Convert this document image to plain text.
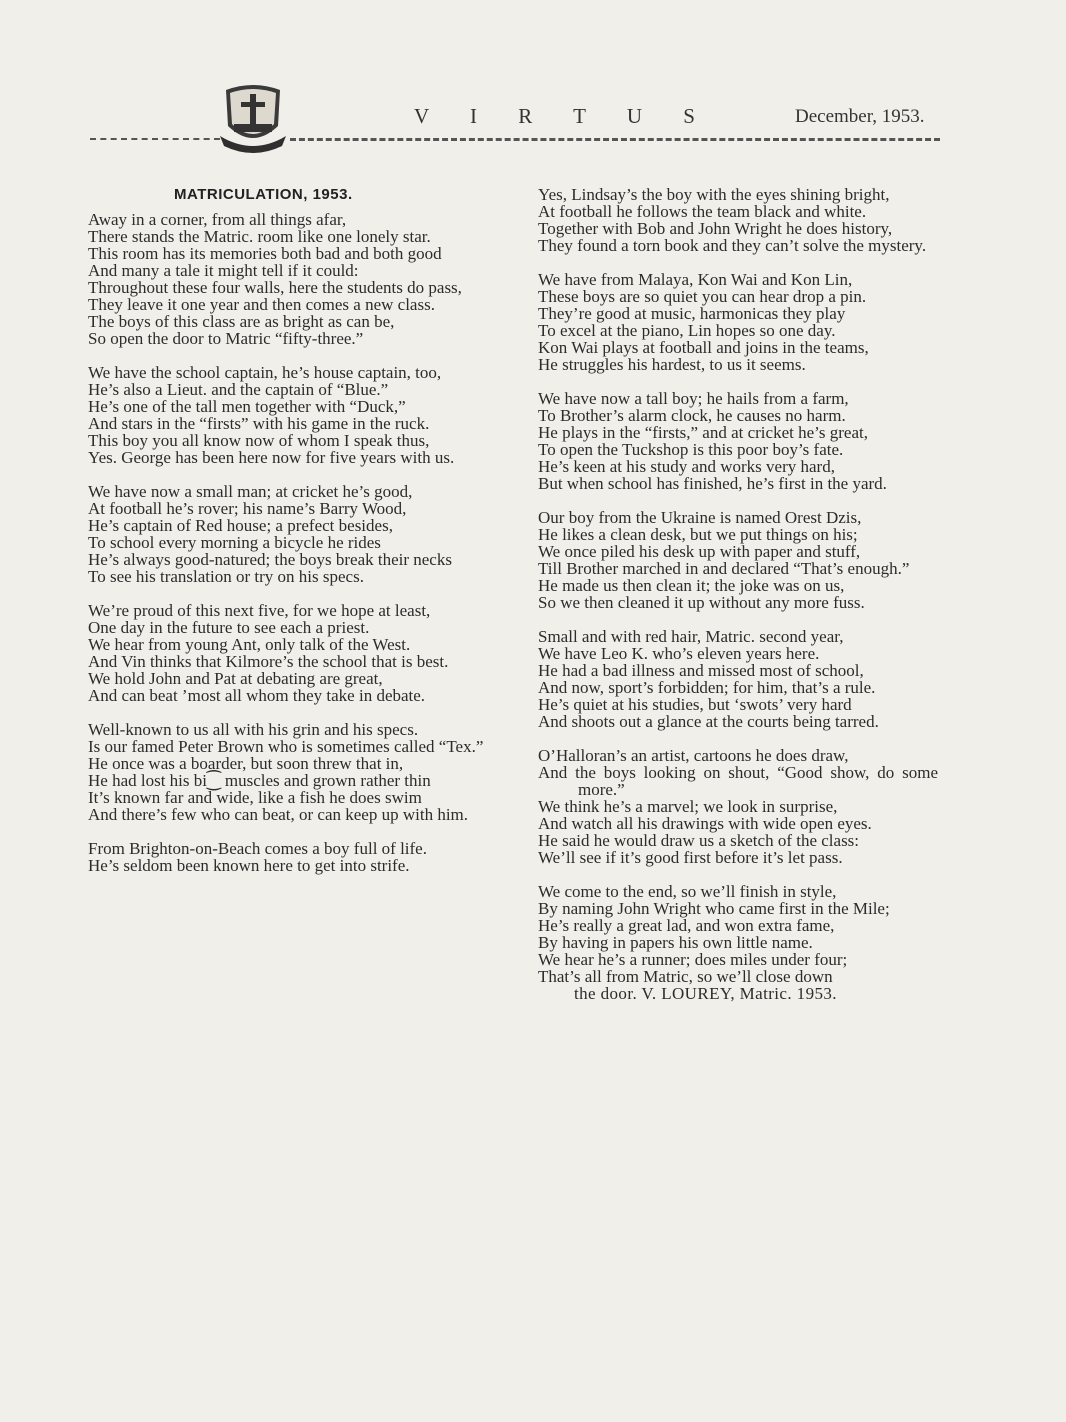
V I R T U S	December, 1953.
MATRICULATION, 1953.
Away in a corner, from all things afar,
There stands the Matric. room like one lonely star.
This room has its memories both bad and both good
And many a tale it might tell if it could:
Throughout these four walls, here the students do pass,
They leave it one year and then comes a new class.
The boys of this class are as bright as can be,
So open the door to Matric “fifty-three.”
We have the school captain, he’s house captain, too,
He’s also a Lieut. and the captain of “Blue.”
He’s one of the tall men together with “Duck,”
And stars in the “firsts” with his game in the ruck.
This boy you all know now of whom I speak thus,
Yes. George has been here now for five years with us.
We have now a small man; at cricket he’s good,
At football he’s rover; his name’s Barry Wood,
He’s captain of Red house; a prefect besides,
To school every morning a bicycle he rides
He’s always good-natured; the boys break their necks
To see his translation or try on his specs.
We’re proud of this next five, for we hope at least,
One day in the future to see each a priest.
We hear from young Ant, only talk of the West.
And Vin thinks that Kilmore’s the school that is best.
We hold John and Pat at debating are great,
And can beat ’most all whom they take in debate.
Well-known to us all with his grin and his specs.
Is our famed Peter Brown who is sometimes called “Tex.”
He once was a boarder, but soon threw that in,
He had lost his bi⁐ muscles and grown rather thin
It’s known far and wide, like a fish he does swim
And there’s few who can beat, or can keep up with him.
From Brighton-on-Beach comes a boy full of life.
He’s seldom been known here to get into strife.
Yes, Lindsay’s the boy with the eyes shining bright,
At football he follows the team black and white.
Together with Bob and John Wright he does history,
They found a torn book and they can’t solve the mystery.
We have from Malaya, Kon Wai and Kon Lin,
These boys are so quiet you can hear drop a pin.
They’re good at music, harmonicas they play
To excel at the piano, Lin hopes so one day.
Kon Wai plays at football and joins in the teams,
He struggles his hardest, to us it seems.
We have now a tall boy; he hails from a farm,
To Brother’s alarm clock, he causes no harm.
He plays in the “firsts,” and at cricket he’s great,
To open the Tuckshop is this poor boy’s fate.
He’s keen at his study and works very hard,
But when school has finished, he’s first in the yard.
Our boy from the Ukraine is named Orest Dzis,
He likes a clean desk, but we put things on his;
We once piled his desk up with paper and stuff,
Till Brother marched in and declared “That’s enough.”
He made us then clean it; the joke was on us,
So we then cleaned it up without any more fuss.
Small and with red hair, Matric. second year,
We have Leo K. who’s eleven years here.
He had a bad illness and missed most of school,
And now, sport’s forbidden; for him, that’s a rule.
He’s quiet at his studies, but ‘swots’ very hard
And shoots out a glance at the courts being tarred.
O’Halloran’s an artist, cartoons he does draw,
And the boys looking on shout, “Good show, do some more.”
We think he’s a marvel; we look in surprise,
And watch all his drawings with wide open eyes.
He said he would draw us a sketch of the class:
We’ll see if it’s good first before it’s let pass.
We come to the end, so we’ll finish in style,
By naming John Wright who came first in the Mile;
He’s really a great lad, and won extra fame,
By having in papers his own little name.
We hear he’s a runner; does miles under four;
That’s all from Matric, so we’ll close down
the door. V. LOUREY, Matric. 1953.
